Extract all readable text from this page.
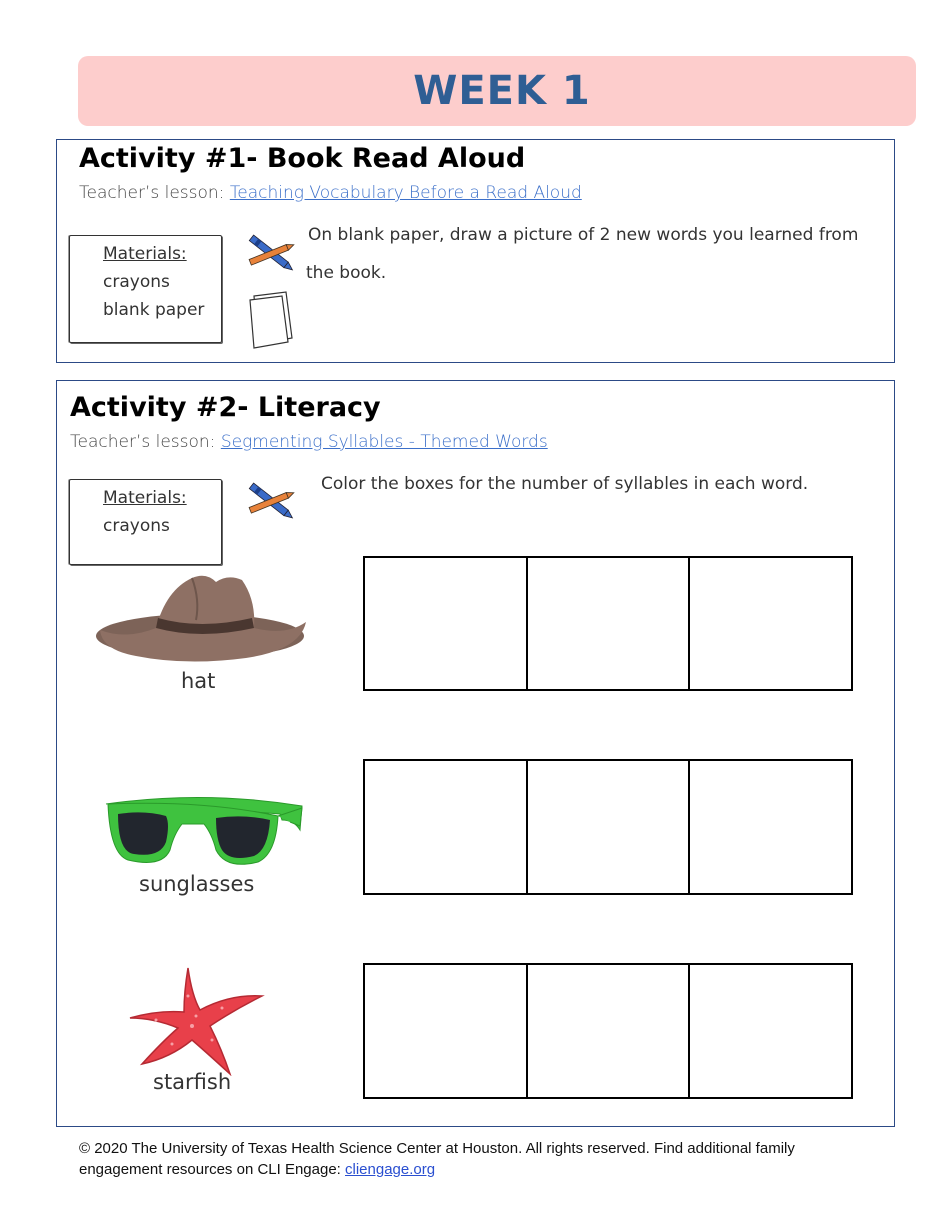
WEEK 1
Activity #1- Book Read Aloud
Teacher’s lesson: Teaching Vocabulary Before a Read Aloud
Materials:
crayons
blank paper
On blank paper, draw a picture of 2 new words you learned from the book.
Activity #2- Literacy
Teacher’s lesson: Segmenting Syllables - Themed Words
Materials:
crayons
Color the boxes for the number of syllables in each word.
hat
sunglasses
starfish
© 2020 The University of Texas Health Science Center at Houston. All rights reserved. Find additional family engagement resources on CLI Engage: cliengage.org
